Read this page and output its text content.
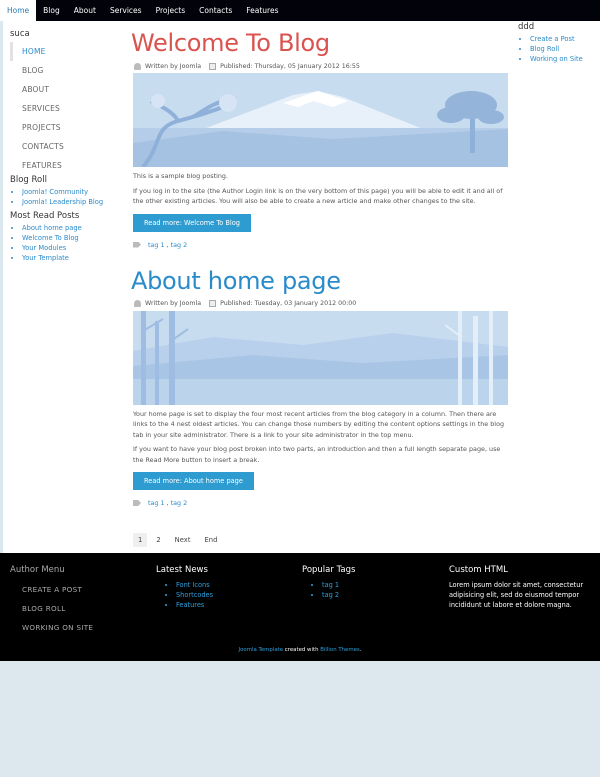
Home	Blog	About	Services	Projects	Contacts	Features
suca
HOME
BLOG
ABOUT
SERVICES
PROJECTS
CONTACTS
FEATURES
Blog Roll
• Joomla! Community
• Joomla! Leadership Blog
Most Read Posts
• About home page
• Welcome To Blog
• Your Modules
• Your Template
ddd
• Create a Post
• Blog Roll
• Working on Site
Welcome To Blog
Written by Joomla	Published: Thursday, 05 January 2012 16:55

This is a sample blog posting.

If you log in to the site (the Author Login link is on the very bottom of this page) you will be able to edit it and all of the other existing articles. You will also be able to create a new article and make other changes to the site.

Read more: Welcome To Blog
tag 1 , tag 2
About home page
Written by Joomla	Published: Tuesday, 03 January 2012 00:00

Your home page is set to display the four most recent articles from the blog category in a column. Then there are links to the 4 nest oldest articles. You can change those numbers by editing the content options settings in the blog tab in your site administrator. There is a link to your site administrator in the top menu.

If you want to have your blog post broken into two parts, an introduction and then a full length separate page, use the Read More button to insert a break.

Read more: About home page
tag 1 , tag 2
1	2	Next	End
Author Menu
CREATE A POST
BLOG ROLL
WORKING ON SITE
Latest News
• Font Icons
• Shortcodes
• Features
Popular Tags
• tag 1
• tag 2
Custom HTML

Lorem ipsum dolor sit amet, consectetur adipisicing elit, sed do eiusmod tempor incididunt ut labore et dolore magna.

Joomla Template created with Billion Themes.
